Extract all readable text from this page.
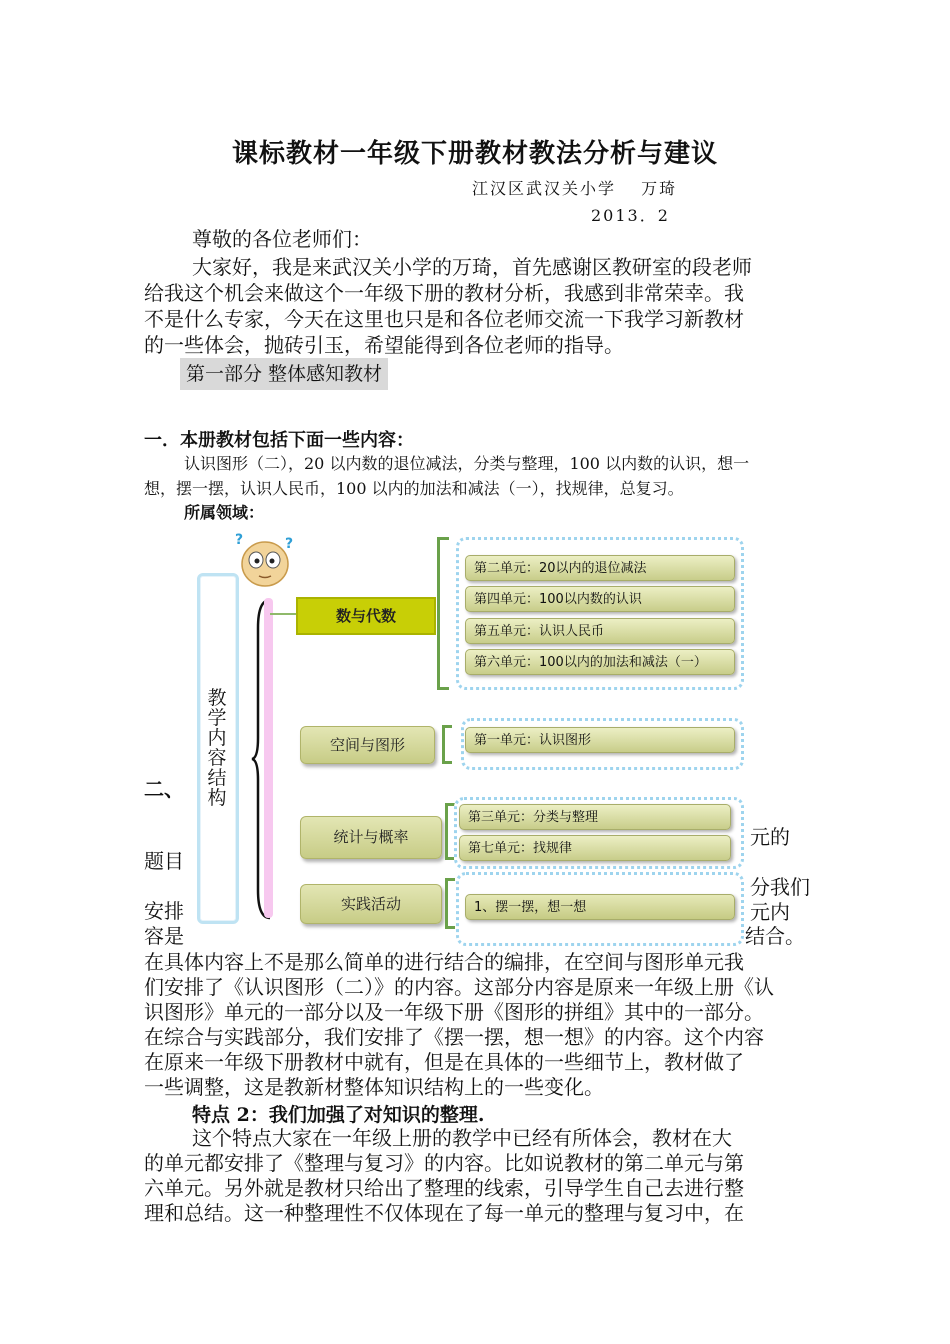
课标教材一年级下册教材教法分析与建议
江汉区武汉关小学　 万琦
2013．2
尊敬的各位老师们：
大家好，我是来武汉关小学的万琦，首先感谢区教研室的段老师
给我这个机会来做这个一年级下册的教材分析，我感到非常荣幸。我
不是什么专家，今天在这里也只是和各位老师交流一下我学习新教材
的一些体会，抛砖引玉，希望能得到各位老师的指导。
第一部分 整体感知教材
一．本册教材包括下面一些内容：
认识图形（二），20 以内数的退位减法，分类与整理，100 以内数的认识，想一
想，摆一摆，认识人民币，100 以内的加法和减法（一），找规律，总复习。
所属领域：
二、
题目
安排
容是
元的
分我们
元内
结合。
?	?
教学内容结构
数与代数
第二单元：20以内的退位减法
第四单元：100以内数的认识
第五单元：认识人民币
第六单元：100以内的加法和减法（一）
空间与图形	第一单元：认识图形
统计与概率
第三单元：分类与整理
第七单元：找规律
实践活动	1、摆一摆，想一想
在具体内容上不是那么简单的进行结合的编排，在空间与图形单元我
们安排了《认识图形（二）》的内容。这部分内容是原来一年级上册《认
识图形》单元的一部分以及一年级下册《图形的拼组》其中的一部分。
在综合与实践部分，我们安排了《摆一摆，想一想》的内容。这个内容
在原来一年级下册教材中就有，但是在具体的一些细节上，教材做了
一些调整，这是教新材整体知识结构上的一些变化。
特点 2：我们加强了对知识的整理.
这个特点大家在一年级上册的教学中已经有所体会，教材在大
的单元都安排了《整理与复习》的内容。比如说教材的第二单元与第
六单元。另外就是教材只给出了整理的线索，引导学生自己去进行整
理和总结。这一种整理性不仅体现在了每一单元的整理与复习中，在
